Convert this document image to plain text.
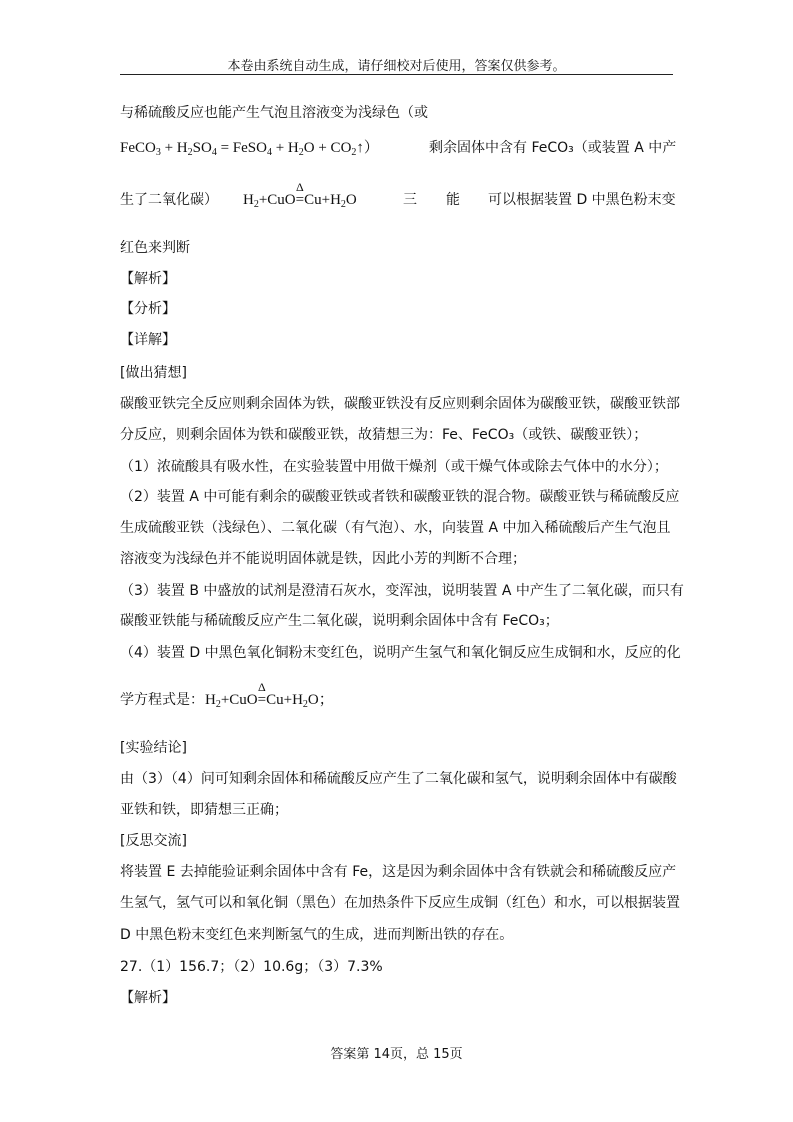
本卷由系统自动生成，请仔细校对后使用，答案仅供参考。
与稀硫酸反应也能产生气泡且溶液变为浅绿色（或
FeCO$_3$ + $H_2SO_4$ = FeSO$_4$ + $H_2O$ + $CO_2↑$）	剩余固体中含有 FeCO₃（或装置 A 中产
生了二氧化碳） $H_2+CuO$
Δ
$=Cu+H_2O$	三 能 可以根据装置 D 中黑色粉末变
红色来判断
【解析】
【分析】
【详解】
[做出猜想]
碳酸亚铁完全反应则剩余固体为铁，碳酸亚铁没有反应则剩余固体为碳酸亚铁，碳酸亚铁部
分反应，则剩余固体为铁和碳酸亚铁，故猜想三为：Fe、FeCO₃（或铁、碳酸亚铁）；
（1）浓硫酸具有吸水性，在实验装置中用做干燥剂（或干燥气体或除去气体中的水分）；
（2）装置 A 中可能有剩余的碳酸亚铁或者铁和碳酸亚铁的混合物。碳酸亚铁与稀硫酸反应
生成硫酸亚铁（浅绿色）、二氧化碳（有气泡）、水，向装置 A 中加入稀硫酸后产生气泡且
溶液变为浅绿色并不能说明固体就是铁，因此小芳的判断不合理；
（3）装置 B 中盛放的试剂是澄清石灰水，变浑浊，说明装置 A 中产生了二氧化碳，而只有
碳酸亚铁能与稀硫酸反应产生二氧化碳，说明剩余固体中含有 FeCO₃；
（4）装置 D 中黑色氧化铜粉末变红色，说明产生氢气和氧化铜反应生成铜和水，反应的化
学方程式是： $H_2+CuO$
Δ
$=Cu+H_2O$；
[实验结论]
由（3）（4）问可知剩余固体和稀硫酸反应产生了二氧化碳和氢气，说明剩余固体中有碳酸
亚铁和铁，即猜想三正确；
[反思交流]
将装置 E 去掉能验证剩余固体中含有 Fe，这是因为剩余固体中含有铁就会和稀硫酸反应产
生氢气，氢气可以和氧化铜（黑色）在加热条件下反应生成铜（红色）和水，可以根据装置
D 中黑色粉末变红色来判断氢气的生成，进而判断出铁的存在。
27.（1）156.7；（2）10.6g；（3）7.3%
【解析】
答案第 14页，总 15页
